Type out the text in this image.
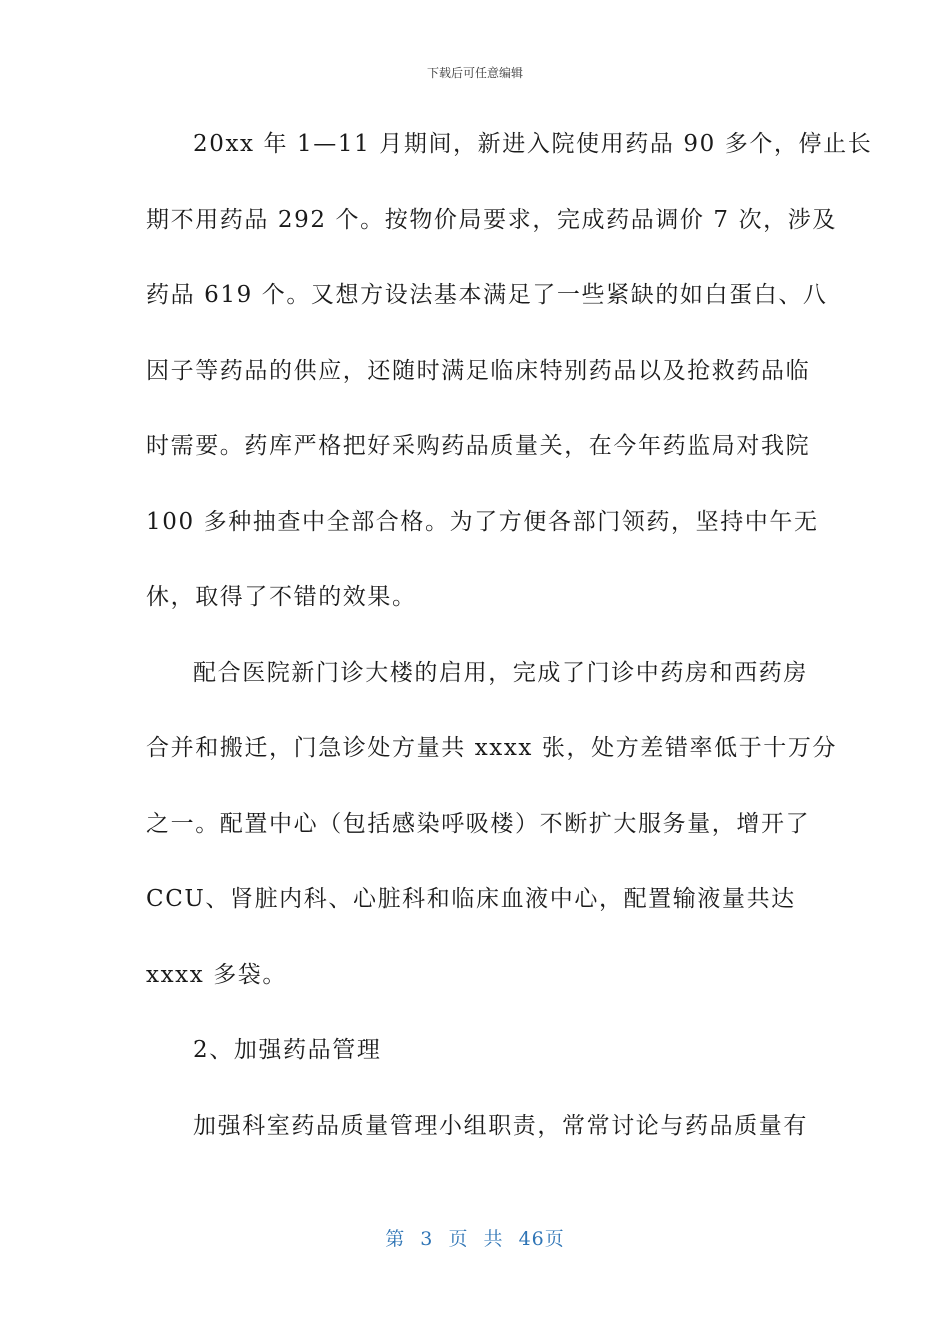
下载后可任意编辑
20xx 年 1—11 月期间，新进入院使用药品 90 多个，停止长
期不用药品 292 个。按物价局要求，完成药品调价 7 次，涉及
药品 619 个。又想方设法基本满足了一些紧缺的如白蛋白、八
因子等药品的供应，还随时满足临床特别药品以及抢救药品临
时需要。药库严格把好采购药品质量关，在今年药监局对我院
100 多种抽查中全部合格。为了方便各部门领药，坚持中午无
休，取得了不错的效果。
配合医院新门诊大楼的启用，完成了门诊中药房和西药房
合并和搬迁，门急诊处方量共 xxxx 张，处方差错率低于十万分
之一。配置中心（包括感染呼吸楼）不断扩大服务量，增开了
CCU、肾脏内科、心脏科和临床血液中心，配置输液量共达
xxxx 多袋。
2、加强药品管理
加强科室药品质量管理小组职责，常常讨论与药品质量有
第 3 页 共 46页
